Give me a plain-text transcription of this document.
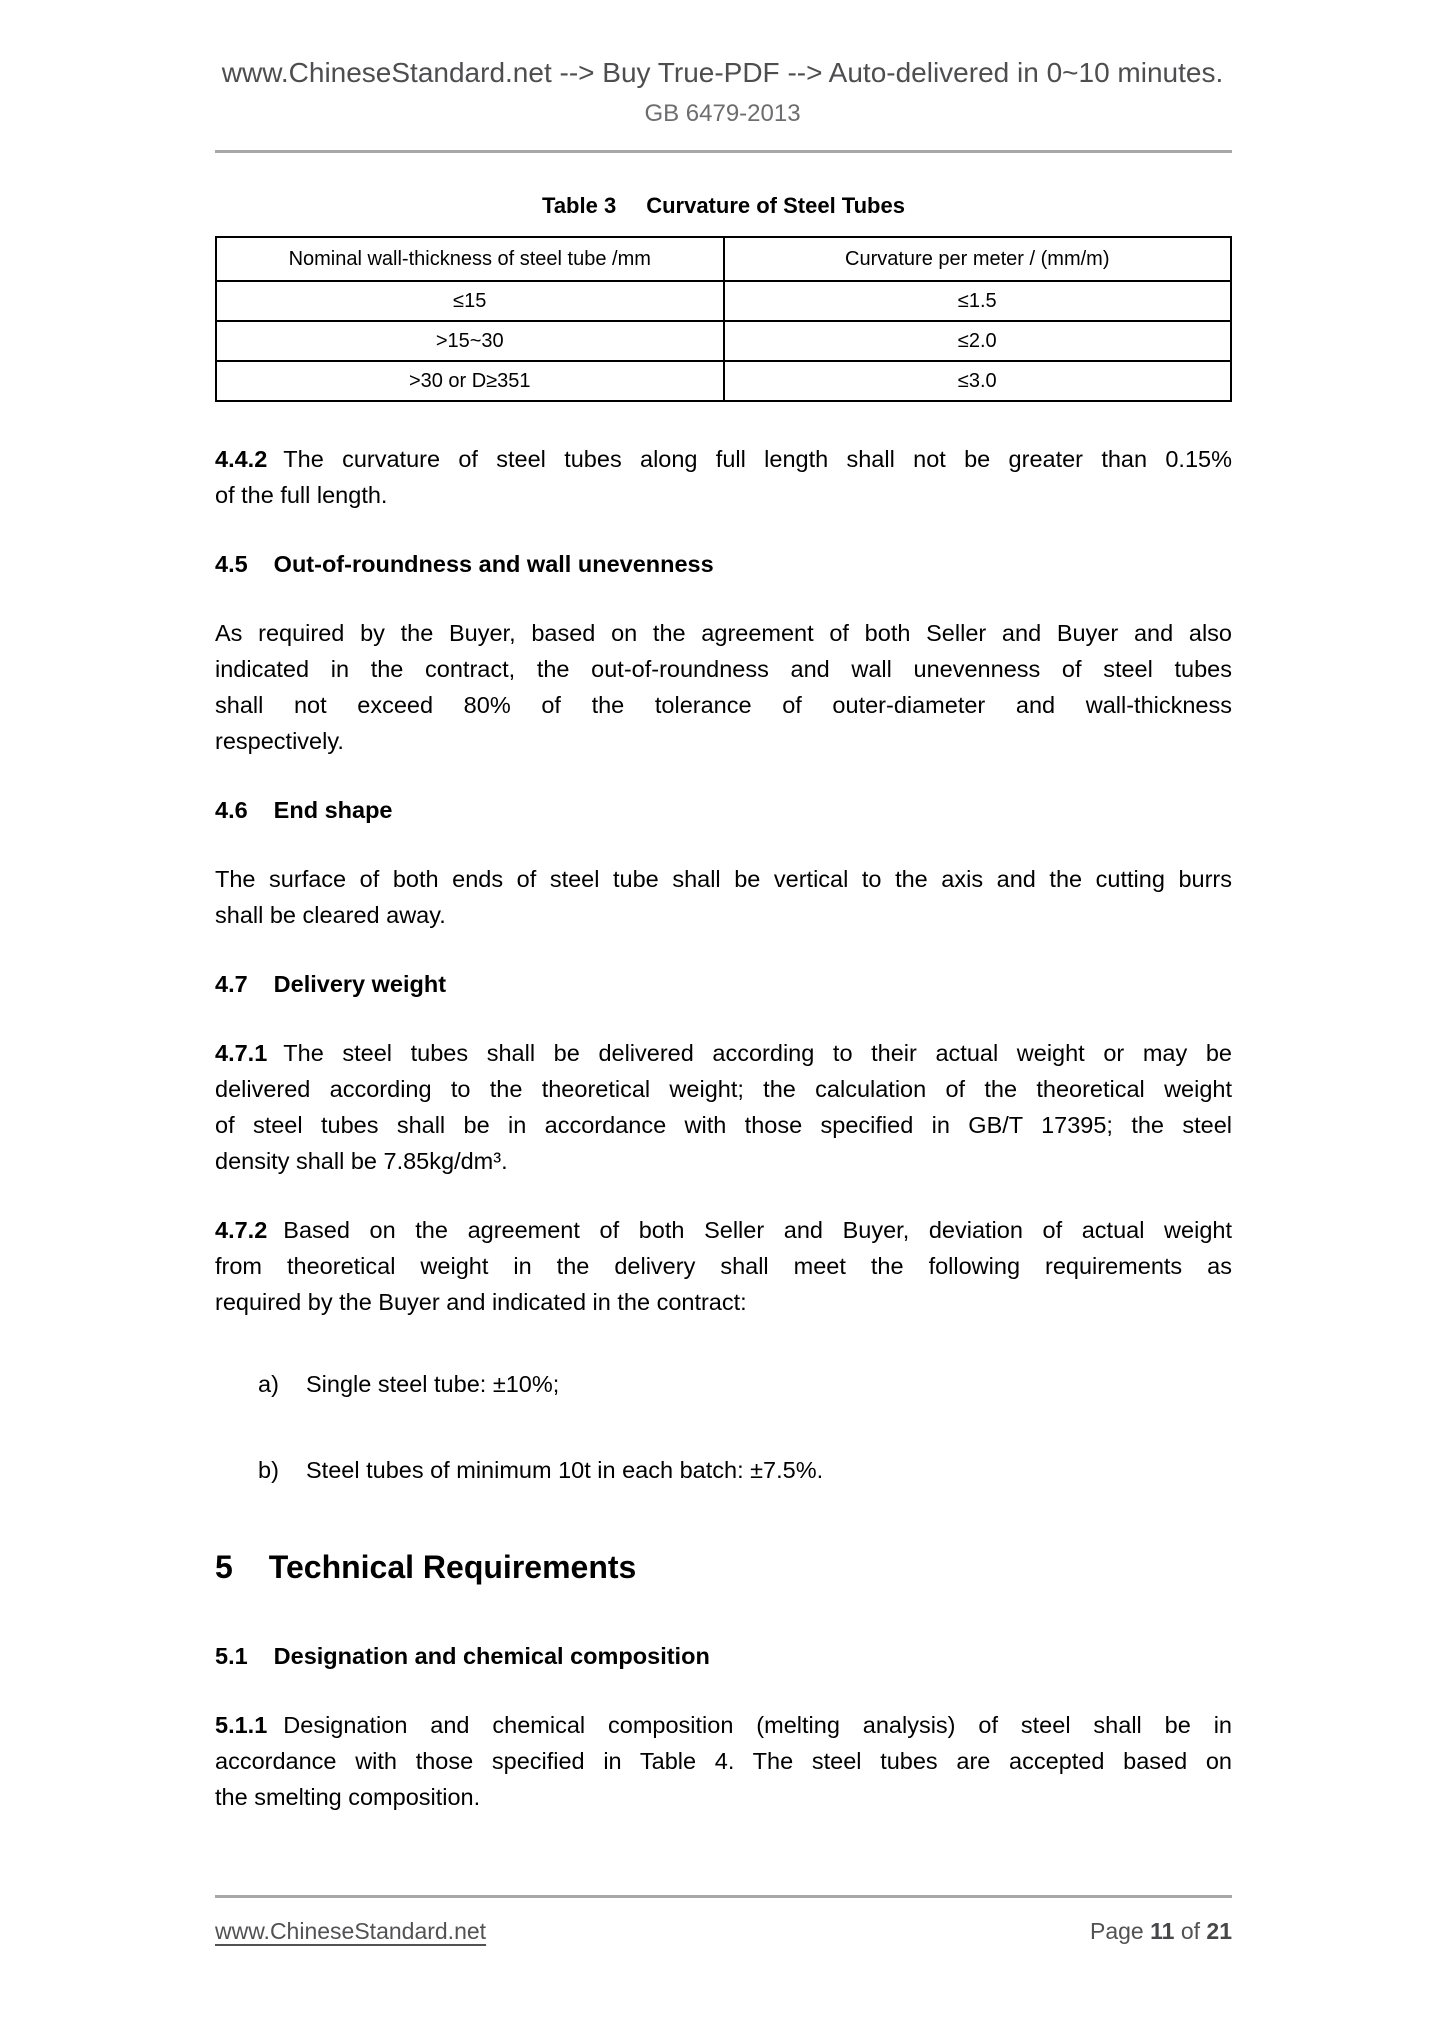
www.ChineseStandard.net --> Buy True-PDF --> Auto-delivered in 0~10 minutes.
GB 6479-2013
Table 3 Curvature of Steel Tubes
Nominal wall-thickness of steel tube /mm	Curvature per meter / (mm/m)
≤15	≤1.5
>15~30	≤2.0
>30 or D≥351	≤3.0
4.4.2 The curvature of steel tubes along full length shall not be greater than 0.15%
of the full length.
4.5 Out-of-roundness and wall unevenness
As required by the Buyer, based on the agreement of both Seller and Buyer and also
indicated in the contract, the out-of-roundness and wall unevenness of steel tubes
shall not exceed 80% of the tolerance of outer-diameter and wall-thickness
respectively.
4.6 End shape
The surface of both ends of steel tube shall be vertical to the axis and the cutting burrs
shall be cleared away.
4.7 Delivery weight
4.7.1 The steel tubes shall be delivered according to their actual weight or may be
delivered according to the theoretical weight; the calculation of the theoretical weight
of steel tubes shall be in accordance with those specified in GB/T 17395; the steel
density shall be 7.85kg/dm³.
4.7.2 Based on the agreement of both Seller and Buyer, deviation of actual weight
from theoretical weight in the delivery shall meet the following requirements as
required by the Buyer and indicated in the contract:
a) Single steel tube: ±10%;
b) Steel tubes of minimum 10t in each batch: ±7.5%.
5 Technical Requirements
5.1 Designation and chemical composition
5.1.1 Designation and chemical composition (melting analysis) of steel shall be in
accordance with those specified in Table 4. The steel tubes are accepted based on
the smelting composition.
www.ChineseStandard.net	Page 11 of 21
